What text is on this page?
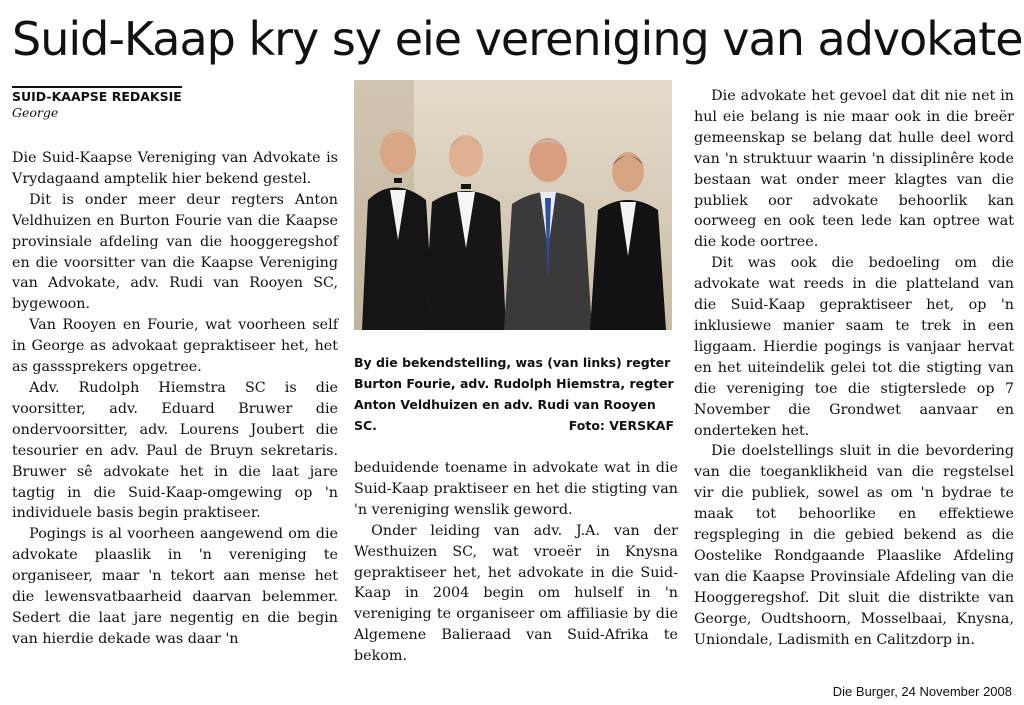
Suid-Kaap kry sy eie vereniging van advokate
SUID-KAAPSE REDAKSIE
George

Die Suid-Kaapse Vereniging van Advokate is Vrydagaand amptelik hier bekend gestel.

Dit is onder meer deur regters Anton Veldhuizen en Burton Fourie van die Kaapse provinsiale afdeling van die hooggeregshof en die voorsitter van die Kaapse Vereniging van Advokate, adv. Rudi van Rooyen SC, bygewoon.

Van Rooyen en Fourie, wat voorheen self in George as advokaat gepraktiseer het, het as gasssprekers opgetree.

Adv. Rudolph Hiemstra SC is die voorsitter, adv. Eduard Bruwer die ondervoorsitter, adv. Lourens Joubert die tesourier en adv. Paul de Bruyn sekretaris. Bruwer sê advokate het in die laat jare tagtig in die Suid-Kaap-omgewing op 'n individuele basis begin praktiseer.

Pogings is al voorheen aangewend om die advokate plaaslik in 'n vereniging te organiseer, maar 'n tekort aan mense het die lewensvatbaarheid daarvan belemmer. Sedert die laat jare negentig en die begin van hierdie dekade was daar 'n

By die bekendstelling, was (van links) regter Burton Fourie, adv. Rudolph Hiemstra, regter Anton Veldhuizen en adv. Rudi van Rooyen SC.	Foto: VERSKAF

beduidende toename in advokate wat in die Suid-Kaap praktiseer en het die stigting van 'n vereniging wenslik geword.

Onder leiding van adv. J.A. van der Westhuizen SC, wat vroeër in Knysna gepraktiseer het, het advokate in die Suid-Kaap in 2004 begin om hulself in 'n vereniging te organiseer om affiliasie by die Algemene Balieraad van Suid-Afrika te bekom.

Die advokate het gevoel dat dit nie net in hul eie belang is nie maar ook in die breër gemeenskap se belang dat hulle deel word van 'n struktuur waarin 'n dissiplinêre kode bestaan wat onder meer klagtes van die publiek oor advokate behoorlik kan oorweeg en ook teen lede kan optree wat die kode oortree.

Dit was ook die bedoeling om die advokate wat reeds in die platteland van die Suid-Kaap gepraktiseer het, op 'n inklusiewe manier saam te trek in een liggaam. Hierdie pogings is vanjaar hervat en het uiteindelik gelei tot die stigting van die vereniging toe die stigterslede op 7 November die Grondwet aanvaar en onderteken het.

Die doelstellings sluit in die bevordering van die toeganklikheid van die regstelsel vir die publiek, sowel as om 'n bydrae te maak tot behoorlike en effektiewe regspleging in die gebied bekend as die Oostelike Rondgaande Plaaslike Afdeling van die Kaapse Provinsiale Afdeling van die Hooggeregshof. Dit sluit die distrikte van George, Oudtshoorn, Mosselbaai, Knysna, Uniondale, Ladismith en Calitzdorp in.

Die Burger, 24 November 2008
